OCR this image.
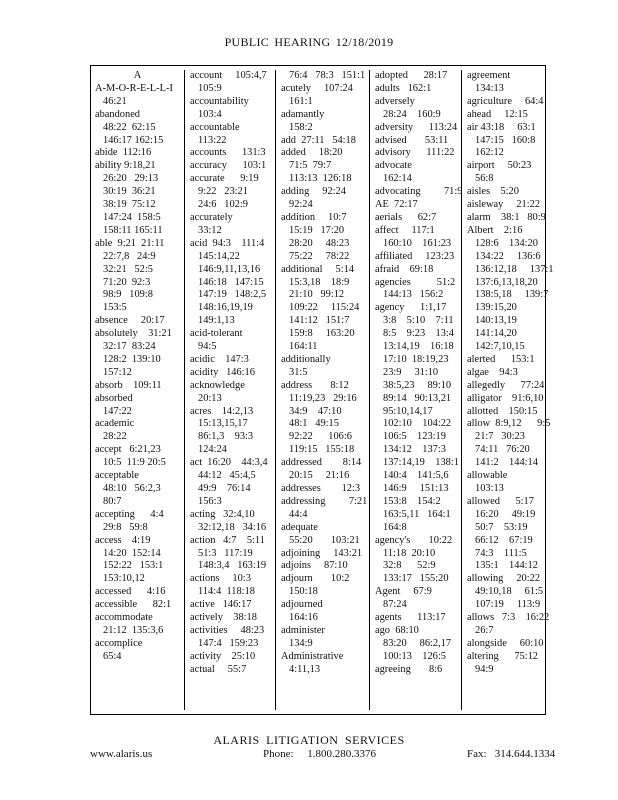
PUBLIC HEARING 12/18/2019
A
A-M-O-R-E-L-L-I
46:21
abandoned
48:22  62:15
146:17 162:15
abide  112:16
ability 9:18,21
26:20   29:13
30:19  36:21
38:19  75:12
147:24  158:5
158:11 165:11
able  9:21  21:11
22:7,8   24:9
32:21   52:5
71:20  92:3
98:9   109:8
153:5
absence     20:17
absolutely    31:21
32:17  83:24
128:2  139:10
157:12
absorb    109:11
absorbed
147:22
academic
28:22
accept   6:21,23
10:5  11:9 20:5
acceptable
48:10   56:2,3
80:7
accepting      4:4
29:8   59:8
access    4:19
14:20  152:14
152:22   153:1
153:10,12
accessed      4:16
accessible      82:1
accommodate
21:12  135:3,6
accomplice
65:4
account     105:4,7
105:9
accountability
103:4
accountable
113:22
accounts      131:3
accuracy      103:1
accurate      9:19
9:22   23:21
24:6   102:9
accurately
33:12
acid  94:3    111:4
145:14,22
146:9,11,13,16
146:18   147:15
147:19   148:2,5
148:16,19,19
149:1,13
acid-tolerant
94:5
acidic    147:3
acidity   146:16
acknowledge
20:13
acres    14:2,13
15:13,15,17
86:1,3    93:3
124:24
act  16:20    44:3,4
44:12   45:4,5
49:9    76:14
156:3
acting   32:4,10
32:12,18   34:16
action   4:7    5:11
51:3   117:19
148:3,4   163:19
actions     10:3
114:4  118:18
active   146:17
actively    38:18
activities     48:23
147:4   159:23
activity    25:10
actual     55:7
76:4   78:3   151:1
acutely     107:24
161:1
adamantly
158:2
add  27:11   54:18
added     18:20
71:5  79:7
113:13  126:18
adding     92:24
92:24
addition     10:7
15:19   17:20
28:20     48:23
75:22     78:22
additional     5:14
15:3,18    18:9
21:10   99:12
109:22     115:24
141:12   151:7
159:8     163:20
164:11
additionally
31:5
address       8:12
11:19,23   29:16
34:9    47:10
48:1   49:15
92:22      106:6
119:15   155:18
addressed        8:14
20:15     21:16
addresses        12:3
addressing         7:21
44:4
adequate
55:20       103:21
adjoining     143:21
adjoins     87:10
adjourn       10:2
150:18
adjourned
164:16
administer
134:9
Administrative
4:11,13
adopted      28:17
adults   162:1
adversely
28:24    160:9
adversity      113:24
advised       53:11
advisory      111:22
advocate
162:14
advocating         71:9
AE  72:17
aerials      62:7
affect     117:1
160:10    161:23
affiliated     123:23
afraid    69:18
agencies          51:2
144:13   156:2
agency      1:1,17
3:8    5:10    7:11
8:5    9:23    13:4
13:14,19    16:18
17:10  18:19,23
23:9     31:10
38:5,23     89:10
89:14   90:13,21
95:10,14,17
102:10    104:22
106:5    123:19
134:12    137:3
137:14,19    138:1
140:4    141:5,6
146:9     151:13
153:8    154:2
163:5,11   164:1
164:8
agency's       10:22
11:18  20:10
32:8      52:9
133:17   155:20
Agent     67:9
87:24
agents      113:17
ago  68:10
83:20     86:2,17
100:13    126:5
agreeing       8:6
agreement
134:13
agriculture     64:4
ahead     12:15
air 43:18     63:1
147:15   160:8
162:12
airport     50:23
56:8
aisles    5:20
aisleway     21:22
alarm    38:1   80:9
Albert    2:16
128:6    134:20
134:22     136:6
136:12,18     137:1
137:6,13,18,20
138:5,18     139:7
139:15,20
140:13,19
141:14,20
142:7,10,15
alerted      153:1
algae    94:3
allegedly      77:24
alligator    91:6,10
allotted    150:15
allow  8:9,12      9:5
21:7   30:23
74:11   76:20
141:2    144:14
allowable
103:13
allowed      5:17
16:20     49:19
50:7    53:19
66:12    67:19
74:3    111:5
135:1    144:12
allowing     20:22
49:10,18     61:5
107:19     113:9
allows   7:3    16:22
26:7
alongside     60:10
altering      75:12
94:9
ALARIS LITIGATION SERVICES
www.alaris.us	Phone:     1.800.280.3376	Fax:   314.644.1334
